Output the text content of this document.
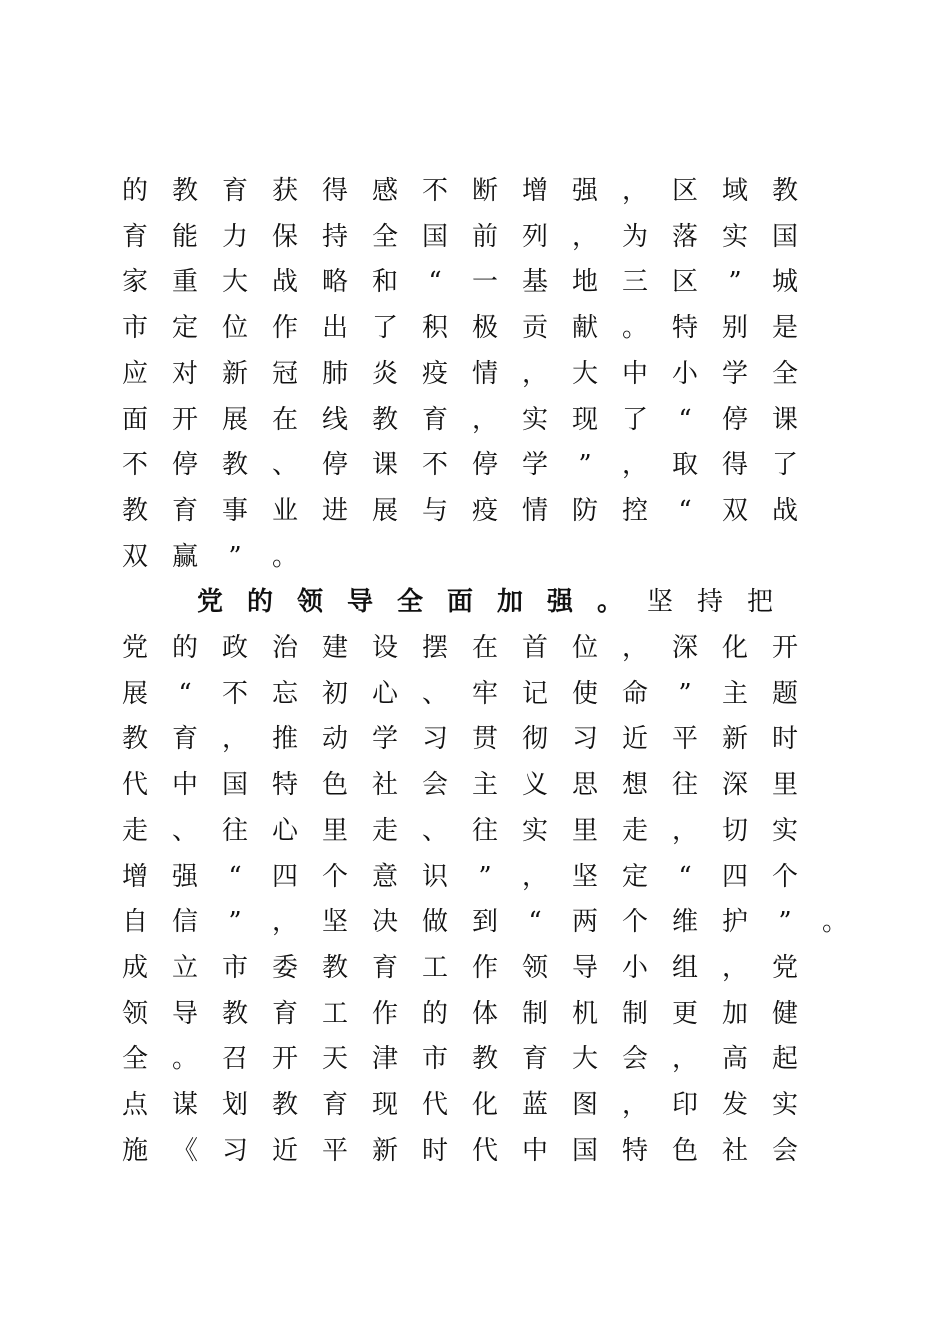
的 教 育 获 得 感 不 断 增 强 ， 区 域 教
育 能 力 保 持 全 国 前 列 ， 为 落 实 国
家 重 大 战 略 和	“	一 基 地 三 区	”	城
市 定 位 作 出 了 积 极 贡 献 。 特 别 是
应 对 新 冠 肺 炎 疫 情 ， 大 中 小 学 全
面 开 展 在 线 教 育 ， 实 现 了	“	停 课
不 停 教 、 停 课 不 停 学	”	， 取 得 了
教 育 事 业 进 展 与 疫 情 防 控	“	双 战
双 赢	”	。
党 的 领 导 全 面 加 强 。 坚 持 把
党 的 政 治 建 设 摆 在 首 位 ， 深 化 开
展	“	不 忘 初 心 、 牢 记 使 命	”	主 题
教 育 ， 推 动 学 习 贯 彻 习 近 平 新 时
代 中 国 特 色 社 会 主 义 思 想 往 深 里
走 、 往 心 里 走 、 往 实 里 走 ， 切 实
增 强	“	四 个 意 识	”	， 坚 定	“	四 个
自 信	”	， 坚 决 做 到	“	两 个 维 护	”	。
成 立 市 委 教 育 工 作 领 导 小 组 ， 党
领 导 教 育 工 作 的 体 制 机 制 更 加 健
全 。 召 开 天 津 市 教 育 大 会 ， 高 起
点 谋 划 教 育 现 代 化 蓝 图 ， 印 发 实
施 《 习 近 平 新 时 代 中 国 特 色 社 会
